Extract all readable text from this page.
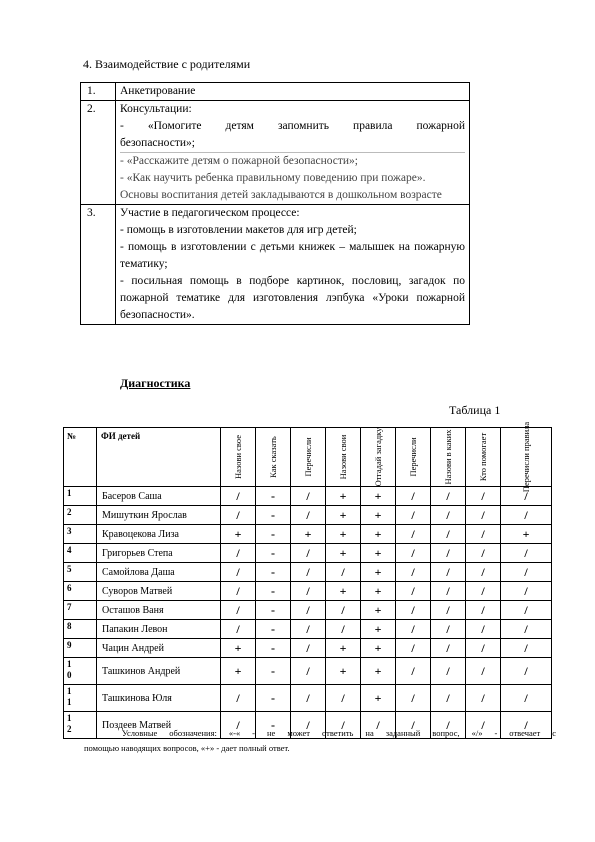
4. Взаимодействие с родителями
1.	Анкетирование

2.	Консультации:
- «Помогите детям запомнить правила пожарной
безопасности»;
- «Расскажите детям о пожарной безопасности»;
- «Как научить ребенка правильному поведению при пожаре». Основы воспитания детей закладываются в дошкольном возрасте

3.	Участие в педагогическом процессе:
- помощь в изготовлении макетов для игр детей;
- помощь в изготовлении с детьми книжек – малышек на пожарную тематику;
- посильная помощь в подборе картинок, пословиц, загадок по пожарной тематике для изготовления лэпбука «Уроки пожарной безопасности».
Диагностика
Таблица 1
№	ФИ детей	Назови свое	Как сказать	Перечисли	Назови свои	Отгадай загадку	Перечисли	Назови в каких	Кто помогает	Перечисли правила

1	Басеров Саша	/	-	/	+	+	/	/	/	/
2	Мишуткин Ярослав	/	-	/	+	+	/	/	/	/
3	Кравоцекова Лиза	+	-	+	+	+	/	/	/	+
4	Григорьев Степа	/	-	/	+	+	/	/	/	/
5	Самойлова Даша	/	-	/	/	+	/	/	/	/
6	Суворов Матвей	/	-	/	+	+	/	/	/	/
7	Осташов Ваня	/	-	/	/	+	/	/	/	/
8	Папакин Левон	/	-	/	/	+	/	/	/	/
9	Чацин Андрей	+	-	/	+	+	/	/	/	/
1
0	Ташкинов Андрей	+	-	/	+	+	/	/	/	/
1
1	Ташкинова Юля	/	-	/	/	+	/	/	/	/
1
2	Поздеев Матвей	/	-	/	/	/	/	/	/	/
Условные обозначения: «-« - не может ответить на заданный вопрос, «/» - отвечает с
помощью наводящих вопросов, «+» - дает полный ответ.
